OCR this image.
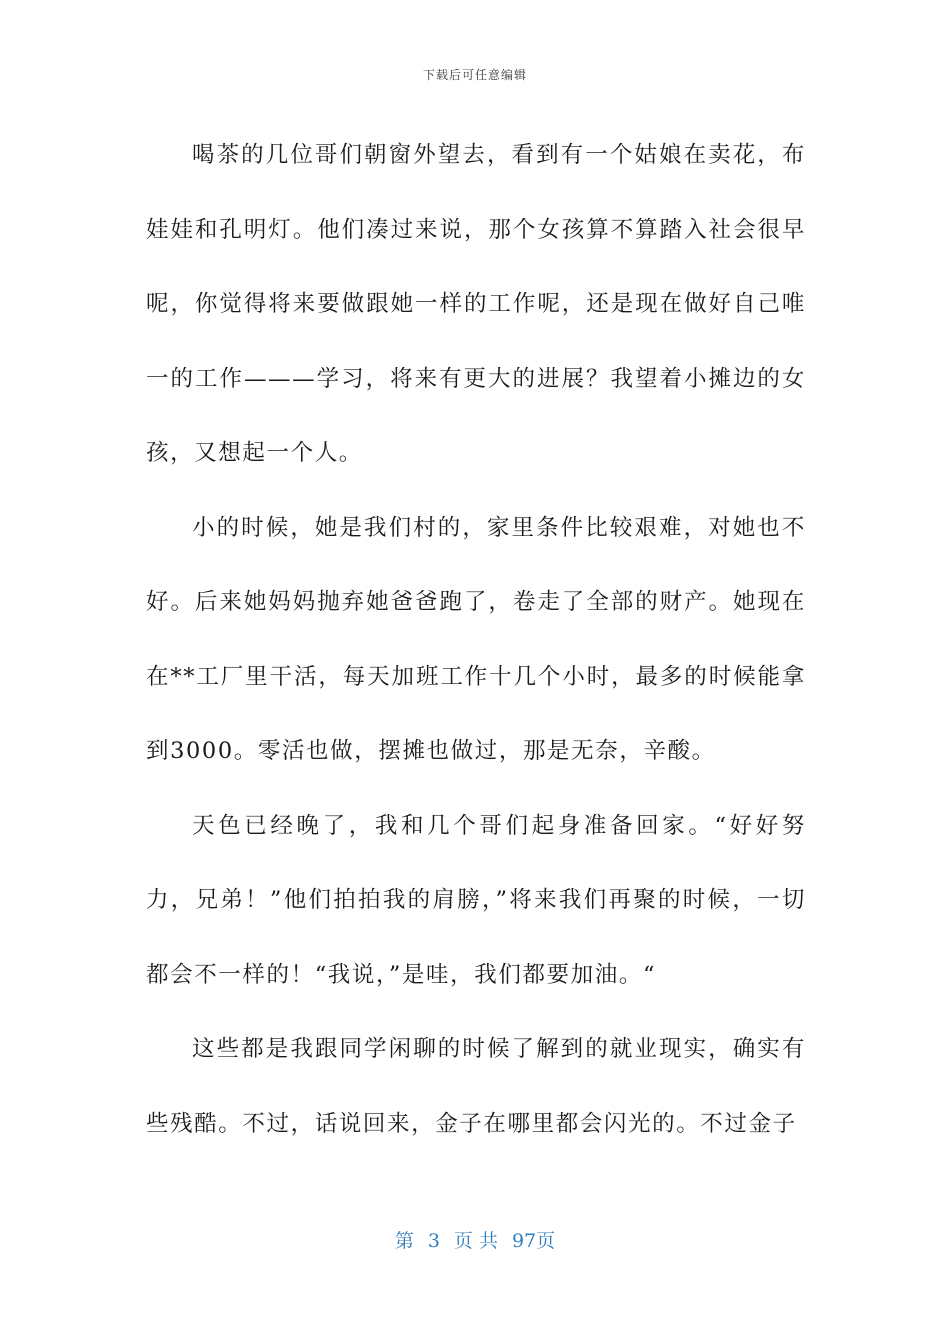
下载后可任意编辑

喝茶的几位哥们朝窗外望去，看到有一个姑娘在卖花，布娃娃和孔明灯。他们凑过来说，那个女孩算不算踏入社会很早呢，你觉得将来要做跟她一样的工作呢，还是现在做好自己唯一的工作———学习，将来有更大的进展？我望着小摊边的女孩，又想起一个人。

小的时候，她是我们村的，家里条件比较艰难，对她也不好。后来她妈妈抛弃她爸爸跑了，卷走了全部的财产。她现在在**工厂里干活，每天加班工作十几个小时，最多的时候能拿到3000。零活也做，摆摊也做过，那是无奈，辛酸。

天色已经晚了，我和几个哥们起身准备回家。“好好努力，兄弟！”他们拍拍我的肩膀，”将来我们再聚的时候，一切都会不一样的！“我说，”是哇，我们都要加油。“

这些都是我跟同学闲聊的时候了解到的就业现实，确实有些残酷。不过，话说回来，金子在哪里都会闪光的。不过金子

第 3 页 共 97页
